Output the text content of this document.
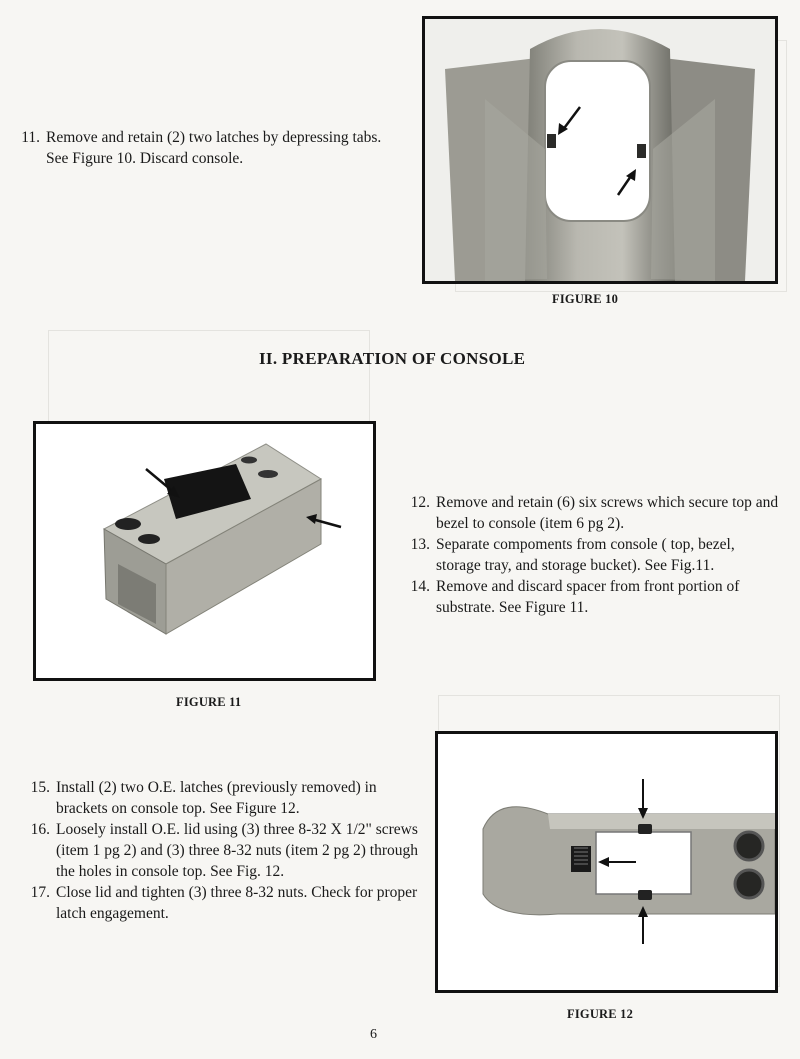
11. Remove and retain (2) two latches by depressing tabs. See Figure 10. Discard console.
FIGURE 10
II. PREPARATION OF CONSOLE
12. Remove and retain (6) six screws which secure top and bezel to console (item 6 pg 2).
13. Separate compoments from console ( top, bezel, storage tray, and storage bucket). See Fig.11.
14. Remove and discard spacer from front portion of substrate. See Figure 11.
FIGURE 11
15. Install (2) two O.E. latches (previously removed) in brackets on console top. See Figure 12.
16. Loosely install O.E. lid using (3) three 8-32 X 1/2" screws (item 1 pg 2) and (3) three 8-32 nuts (item 2 pg 2) through the holes in console top. See Fig. 12.
17. Close lid and tighten (3) three 8-32 nuts. Check for proper latch engagement.
FIGURE 12
6
